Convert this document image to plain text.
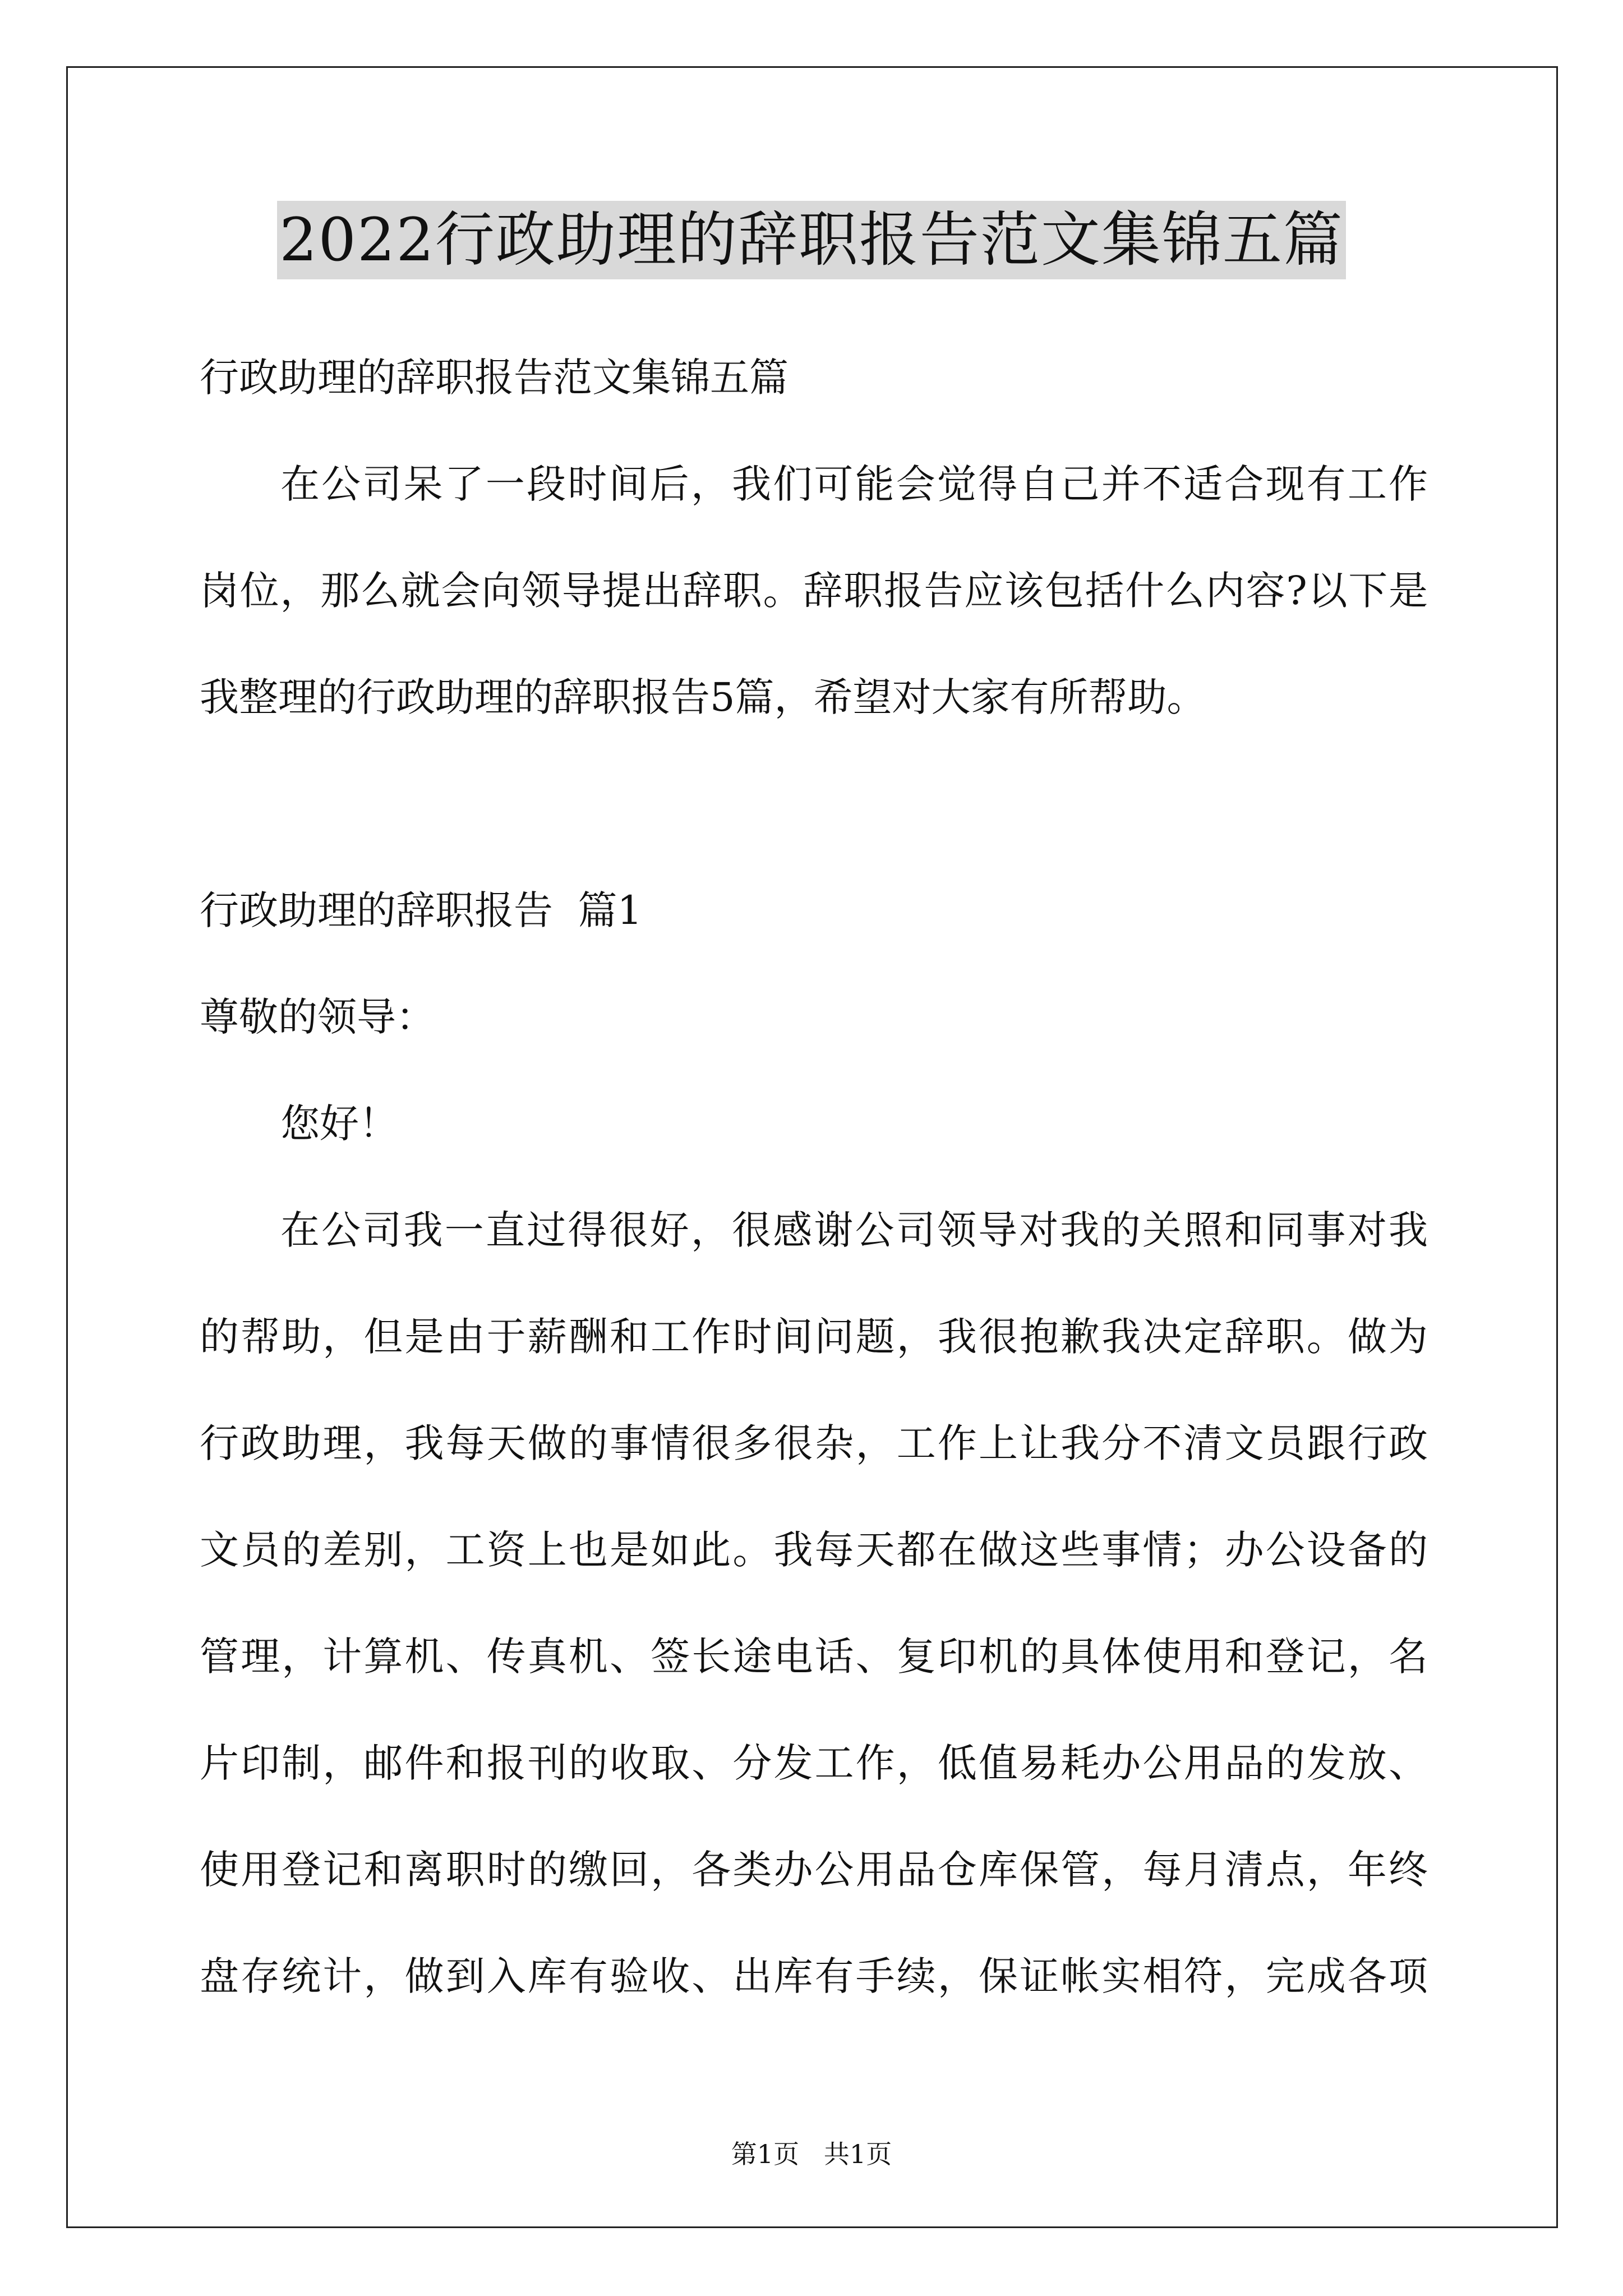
2022行政助理的辞职报告范文集锦五篇
行政助理的辞职报告范文集锦五篇
在公司呆了一段时间后，我们可能会觉得自己并不适合现有工作
岗位，那么就会向领导提出辞职。辞职报告应该包括什么内容?以下是
我整理的行政助理的辞职报告5篇，希望对大家有所帮助。
行政助理的辞职报告  篇1
尊敬的领导：
您好！
在公司我一直过得很好，很感谢公司领导对我的关照和同事对我
的帮助，但是由于薪酬和工作时间问题，我很抱歉我决定辞职。做为
行政助理，我每天做的事情很多很杂，工作上让我分不清文员跟行政
文员的差别，工资上也是如此。我每天都在做这些事情；办公设备的
管理，计算机、传真机、签长途电话、复印机的具体使用和登记，名
片印制，邮件和报刊的收取、分发工作，低值易耗办公用品的发放、
使用登记和离职时的缴回，各类办公用品仓库保管，每月清点，年终
盘存统计，做到入库有验收、出库有手续，保证帐实相符，完成各项
第1页   共1页
